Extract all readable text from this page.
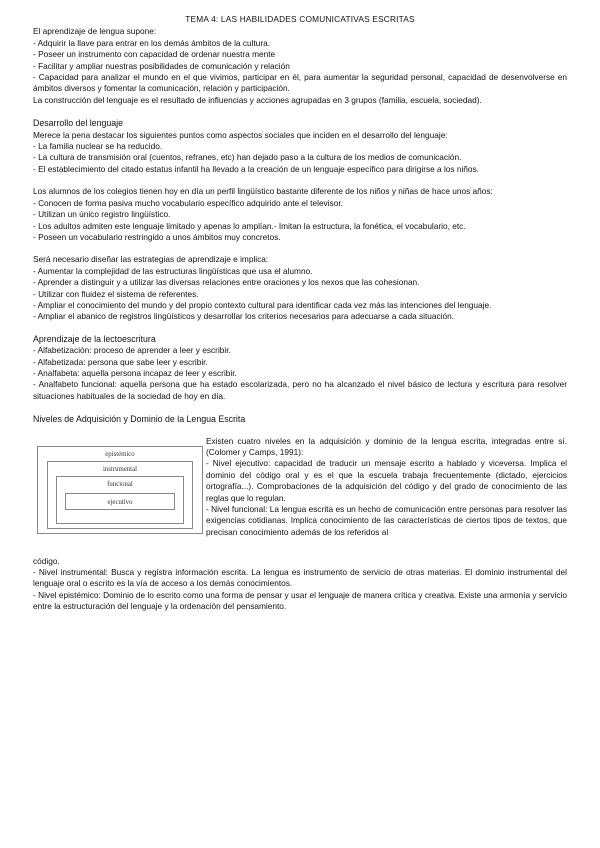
TEMA 4: LAS HABILIDADES COMUNICATIVAS ESCRITAS

El aprendizaje de lengua supone:

- Adquirir la llave para entrar en los demás ámbitos de la cultura.

- Poseer un instrumento con capacidad de ordenar nuestra mente

- Facilitar y ampliar nuestras posibilidades de comunicación y relación

- Capacidad para analizar el mundo en el que vivimos, participar en él, para aumentar la seguridad personal, capacidad de desenvolverse en ámbitos diversos y fomentar la comunicación, relación y participación.

La construcción del lenguaje es el resultado de influencias y acciones agrupadas en 3 grupos (familia, escuela, sociedad).

Desarrollo del lenguaje

Merece la pena destacar los siguientes puntos como aspectos sociales que inciden en el desarrollo del lenguaje:

- La familia nuclear se ha reducido.

- La cultura de transmisión oral (cuentos, refranes, etc) han dejado paso a la cultura de los medios de comunicación.

- El establecimiento del citado estatus infantil ha llevado a la creación de un lenguaje específico para dirigirse a los niños.

Los alumnos de los colegios tienen hoy en día un perfil lingüístico bastante diferente de los niños y niñas de hace unos años:

- Conocen de forma pasiva mucho vocabulario específico adquirido ante el televisor.

- Utilizan un único registro lingüístico.

- Los adultos admiten este lenguaje limitado y apenas lo amplían.- Imitan la estructura, la fonética, el vocabulario, etc.

- Poseen un vocabulario restringido a unos ámbitos muy concretos.

Será necesario diseñar las estrategias de aprendizaje e implica:

- Aumentar la complejidad de las estructuras lingüísticas que usa el alumno.

- Aprender a distinguir y a utilizar las diversas relaciones entre oraciones y los nexos que las cohesionan.

- Utilizar con fluidez el sistema de referentes.

- Ampliar el conocimiento del mundo y del propio contexto cultural para identificar cada vez más las intenciones del lenguaje.

- Ampliar el abanico de registros lingüísticos y desarrollar los criterios necesarios para adecuarse a cada situación.

Aprendizaje de la lectoescritura

- Alfabetización: proceso de aprender a leer y escribir.

- Alfabetizada: persona que sabe leer y escribir.

- Analfabeta: aquella persona incapaz de leer y escribir.

- Analfabeto funcional: aquella persona que ha estado escolarizada, pero no ha alcanzado el nivel básico de lectura y escritura para resolver situaciones habituales de la sociedad de hoy en día.

Niveles de Adquisición y Dominio de la Lengua Escrita

epistémico
instrumental
funcional
ejecutivo

Existen cuatro niveles en la adquisición y dominio de la lengua escrita, integradas entre sí. (Colomer y Camps, 1991):

- Nivel ejecutivo: capacidad de traducir un mensaje escrito a hablado y viceversa. Implica el dominio del código oral y es el que la escuela trabaja frecuentemente (dictado, ejercicios ortografía...). Comprobaciones de la adquisición del código y del grado de conocimiento de las reglas que lo regulan.

- Nivel funcional: La lengua escrita es un hecho de comunicación entre personas para resolver las exigencias cotidianas. Implica conocimiento de las características de ciertos tipos de textos, que precisan conocimiento además de los referidos al

código.

- Nivel instrumental: Busca y registra información escrita. La lengua es instrumento de servicio de otras materias. El dominio instrumental del lenguaje oral o escrito es la vía de acceso a los demás conocimientos.

- Nivel epistémico: Dominio de lo escrito como una forma de pensar y usar el lenguaje de manera crítica y creativa. Existe una armonía y servicio entre la estructuración del lenguaje y la ordenación del pensamiento.
